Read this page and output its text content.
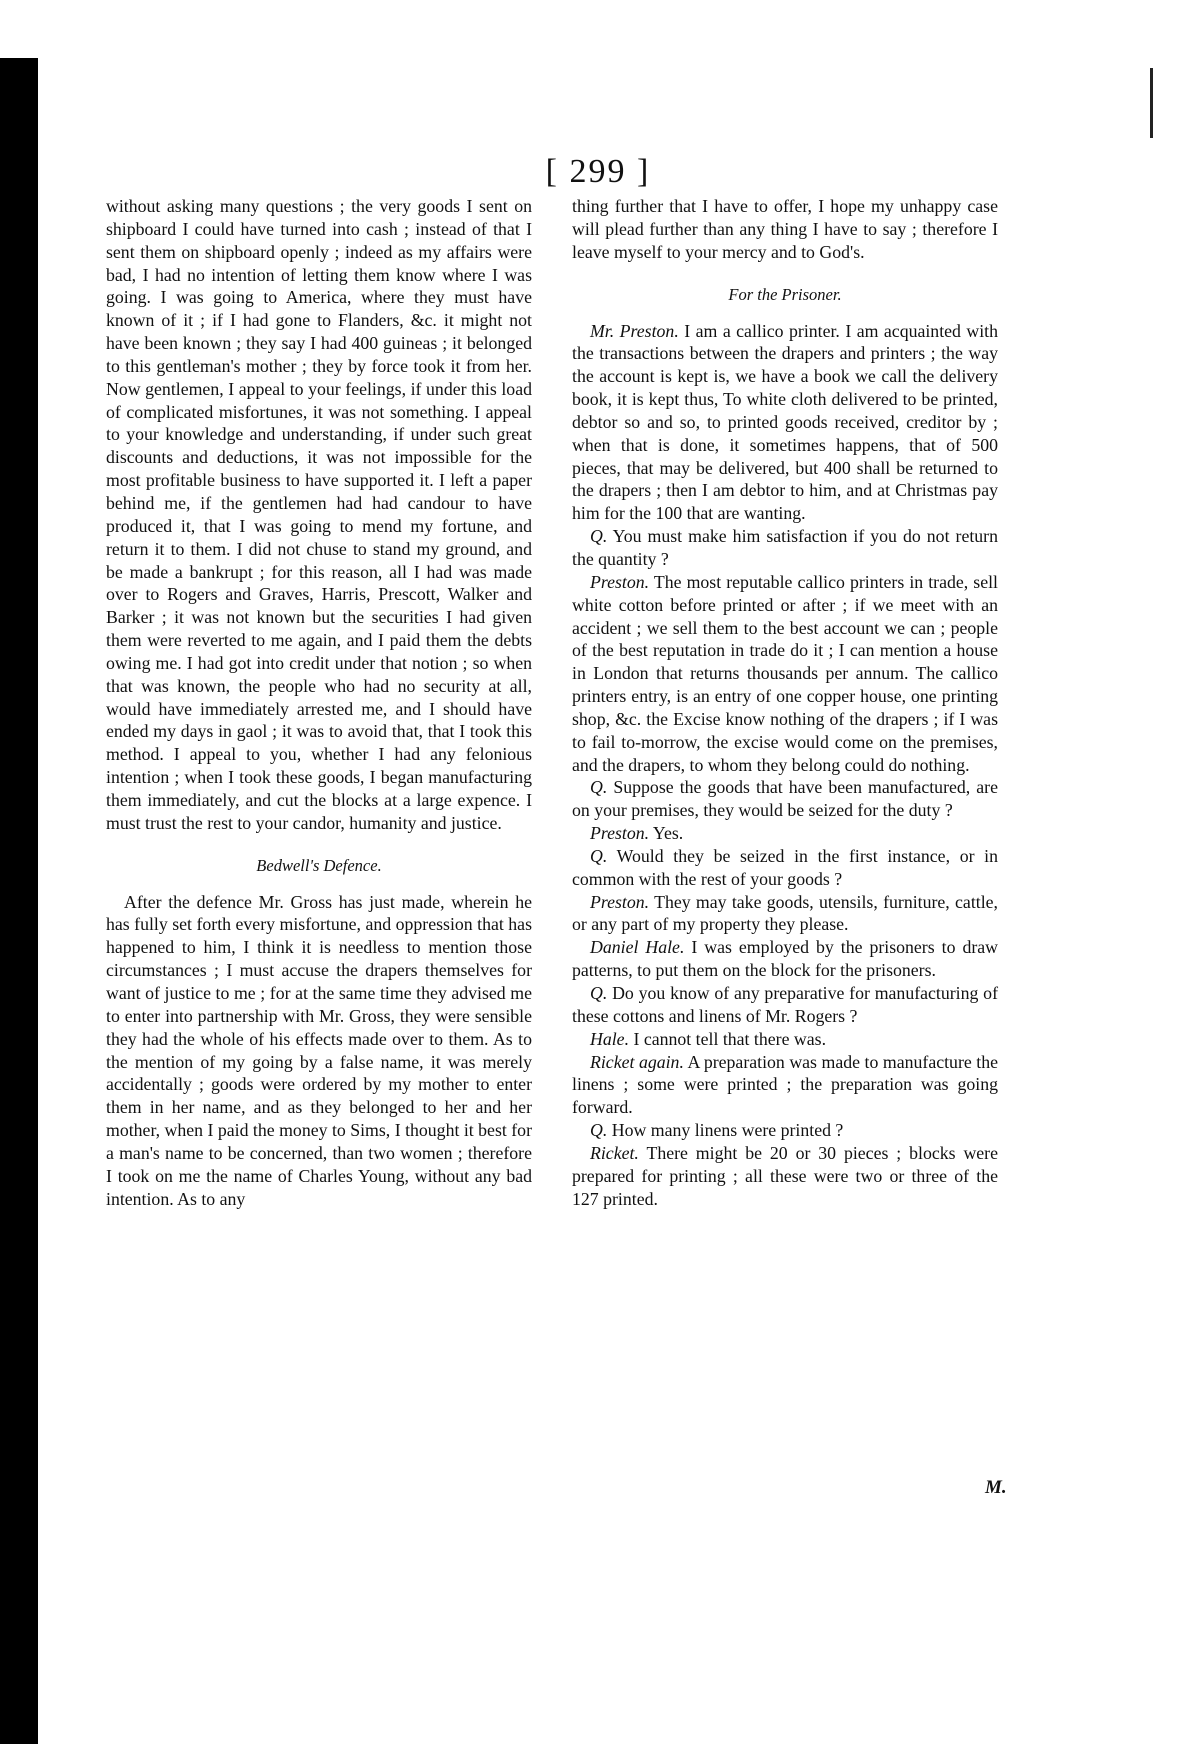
[ 299 ]

without asking many questions ; the very goods I sent on shipboard I could have turned into cash ; instead of that I sent them on shipboard openly ; indeed as my affairs were bad, I had no intention of letting them know where I was going. I was going to America, where they must have known of it ; if I had gone to Flanders, &c. it might not have been known ; they say I had 400 guineas ; it belonged to this gentleman's mother ; they by force took it from her. Now gentlemen, I appeal to your feelings, if under this load of complicated misfortunes, it was not something. I appeal to your knowledge and understanding, if under such great discounts and deductions, it was not impossible for the most profitable business to have supported it. I left a paper behind me, if the gentlemen had had candour to have produced it, that I was going to mend my fortune, and return it to them. I did not chuse to stand my ground, and be made a bankrupt ; for this reason, all I had was made over to Rogers and Graves, Harris, Prescott, Walker and Barker ; it was not known but the securities I had given them were reverted to me again, and I paid them the debts owing me. I had got into credit under that notion ; so when that was known, the people who had no security at all, would have immediately arrested me, and I should have ended my days in gaol ; it was to avoid that, that I took this method. I appeal to you, whether I had any felonious intention ; when I took these goods, I began manufacturing them immediately, and cut the blocks at a large expence. I must trust the rest to your candor, humanity and justice.

Bedwell's Defence.

After the defence Mr. Gross has just made, wherein he has fully set forth every misfortune, and oppression that has happened to him, I think it is needless to mention those circumstances ; I must accuse the drapers themselves for want of justice to me ; for at the same time they advised me to enter into partnership with Mr. Gross, they were sensible they had the whole of his effects made over to them. As to the mention of my going by a false name, it was merely accidentally ; goods were ordered by my mother to enter them in her name, and as they belonged to her and her mother, when I paid the money to Sims, I thought it best for a man's name to be concerned, than two women ; therefore I took on me the name of Charles Young, without any bad intention. As to any

thing further that I have to offer, I hope my unhappy case will plead further than any thing I have to say ; therefore I leave myself to your mercy and to God's.

For the Prisoner.

Mr. Preston. I am a callico printer. I am acquainted with the transactions between the drapers and printers ; the way the account is kept is, we have a book we call the delivery book, it is kept thus, To white cloth delivered to be printed, debtor so and so, to printed goods received, creditor by ; when that is done, it sometimes happens, that of 500 pieces, that may be delivered, but 400 shall be returned to the drapers ; then I am debtor to him, and at Christmas pay him for the 100 that are wanting.

Q. You must make him satisfaction if you do not return the quantity ?

Preston. The most reputable callico printers in trade, sell white cotton before printed or after ; if we meet with an accident ; we sell them to the best account we can ; people of the best reputation in trade do it ; I can mention a house in London that returns thousands per annum. The callico printers entry, is an entry of one copper house, one printing shop, &c. the Excise know nothing of the drapers ; if I was to fail to-morrow, the excise would come on the premises, and the drapers, to whom they belong could do nothing.

Q. Suppose the goods that have been manufactured, are on your premises, they would be seized for the duty ?

Preston. Yes.

Q. Would they be seized in the first instance, or in common with the rest of your goods ?

Preston. They may take goods, utensils, furniture, cattle, or any part of my property they please.

Daniel Hale. I was employed by the prisoners to draw patterns, to put them on the block for the prisoners.

Q. Do you know of any preparative for manufacturing of these cottons and linens of Mr. Rogers ?

Hale. I cannot tell that there was.

Ricket again. A preparation was made to manufacture the linens ; some were printed ; the preparation was going forward.

Q. How many linens were printed ?

Ricket. There might be 20 or 30 pieces ; blocks were prepared for printing ; all these were two or three of the 127 printed.

M.
